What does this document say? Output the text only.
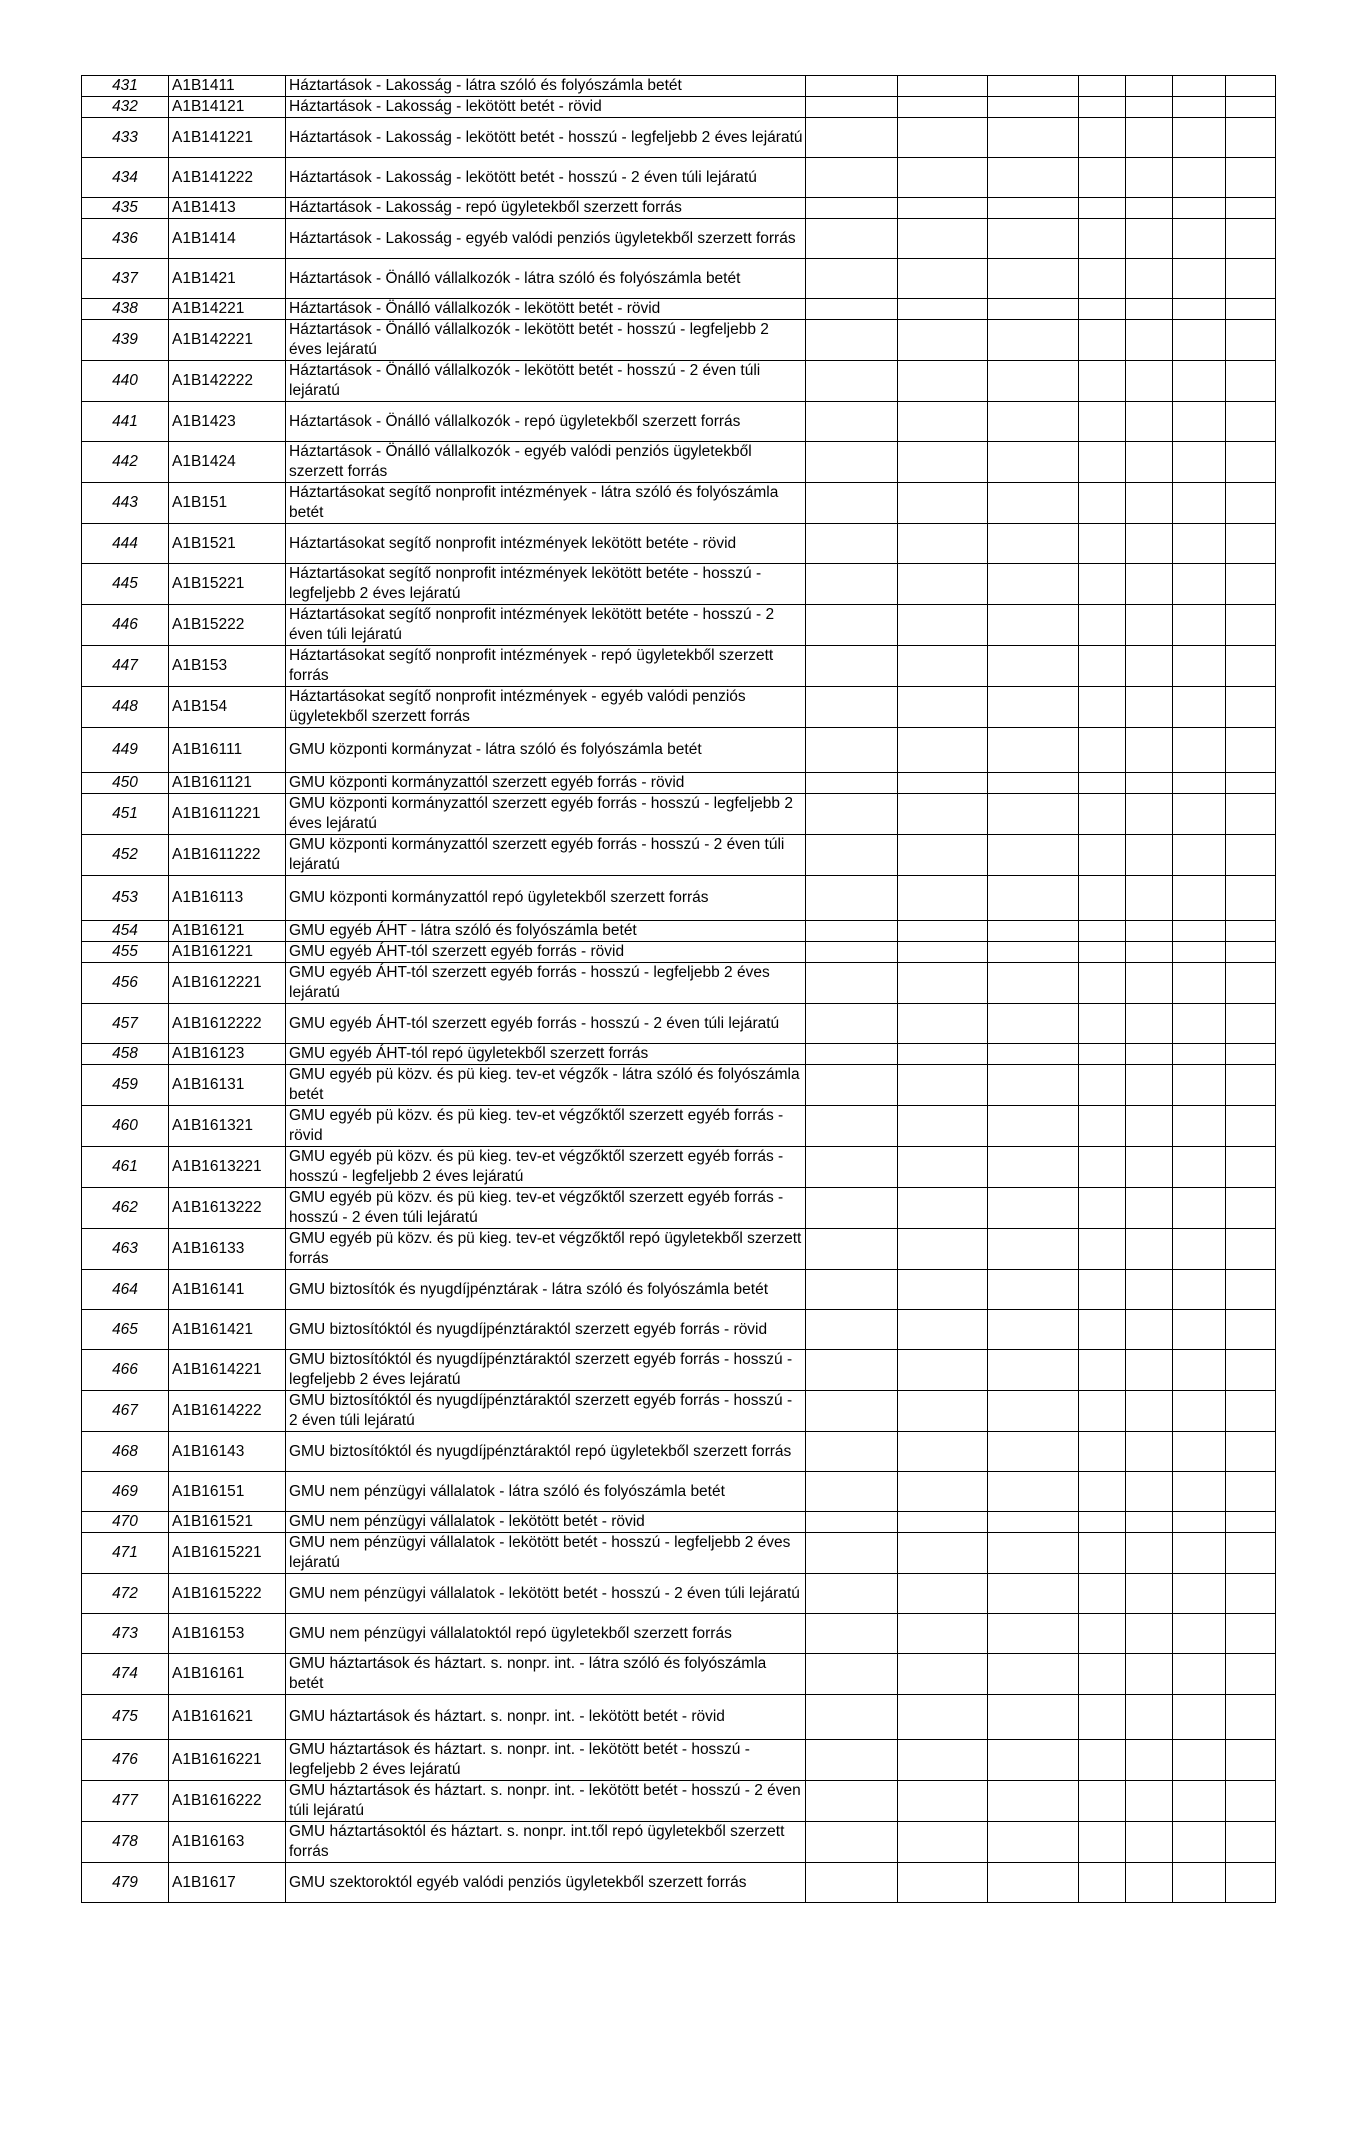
431	A1B1411	Háztartások - Lakosság - látra szóló és folyószámla betét							
432	A1B14121	Háztartások - Lakosság - lekötött betét - rövid							
433	A1B141221	Háztartások - Lakosság - lekötött betét - hosszú - legfeljebb 2 éves lejáratú							
434	A1B141222	Háztartások - Lakosság - lekötött betét - hosszú - 2 éven túli lejáratú							
435	A1B1413	Háztartások - Lakosság - repó ügyletekből szerzett forrás							
436	A1B1414	Háztartások - Lakosság - egyéb valódi penziós ügyletekből szerzett forrás							
437	A1B1421	Háztartások - Önálló vállalkozók - látra szóló és folyószámla betét							
438	A1B14221	Háztartások - Önálló vállalkozók - lekötött betét - rövid							
439	A1B142221	Háztartások - Önálló vállalkozók - lekötött betét - hosszú - legfeljebb 2 éves lejáratú							
440	A1B142222	Háztartások - Önálló vállalkozók - lekötött betét - hosszú - 2 éven túli lejáratú							
441	A1B1423	Háztartások - Önálló vállalkozók - repó ügyletekből szerzett forrás							
442	A1B1424	Háztartások - Önálló vállalkozók - egyéb valódi penziós ügyletekből szerzett forrás							
443	A1B151	Háztartásokat segítő nonprofit intézmények - látra szóló és folyószámla betét							
444	A1B1521	Háztartásokat segítő nonprofit intézmények lekötött betéte - rövid							
445	A1B15221	Háztartásokat segítő nonprofit intézmények lekötött betéte - hosszú - legfeljebb 2 éves lejáratú							
446	A1B15222	Háztartásokat segítő nonprofit intézmények lekötött betéte - hosszú - 2 éven túli lejáratú							
447	A1B153	Háztartásokat segítő nonprofit intézmények - repó ügyletekből szerzett forrás							
448	A1B154	Háztartásokat segítő nonprofit intézmények - egyéb valódi penziós ügyletekből szerzett forrás							
449	A1B16111	GMU központi kormányzat - látra szóló és folyószámla betét							
450	A1B161121	GMU központi kormányzattól szerzett egyéb forrás - rövid							
451	A1B1611221	GMU központi kormányzattól szerzett egyéb forrás - hosszú - legfeljebb 2 éves lejáratú							
452	A1B1611222	GMU központi kormányzattól szerzett egyéb forrás - hosszú - 2 éven túli lejáratú							
453	A1B16113	GMU központi kormányzattól repó ügyletekből szerzett forrás							
454	A1B16121	GMU egyéb ÁHT - látra szóló és folyószámla betét							
455	A1B161221	GMU egyéb ÁHT-tól szerzett egyéb forrás - rövid							
456	A1B1612221	GMU egyéb ÁHT-tól szerzett egyéb forrás - hosszú - legfeljebb 2 éves lejáratú							
457	A1B1612222	GMU egyéb ÁHT-tól szerzett egyéb forrás - hosszú - 2 éven túli lejáratú							
458	A1B16123	GMU egyéb ÁHT-tól repó ügyletekből szerzett forrás							
459	A1B16131	GMU egyéb pü közv. és pü kieg. tev-et végzők - látra szóló és folyószámla betét							
460	A1B161321	GMU egyéb pü közv. és pü kieg. tev-et végzőktől szerzett egyéb forrás - rövid							
461	A1B1613221	GMU egyéb pü közv. és pü kieg. tev-et végzőktől szerzett egyéb forrás - hosszú - legfeljebb 2 éves lejáratú							
462	A1B1613222	GMU egyéb pü közv. és pü kieg. tev-et végzőktől szerzett egyéb forrás - hosszú - 2 éven túli lejáratú							
463	A1B16133	GMU egyéb pü közv. és pü kieg. tev-et végzőktől repó ügyletekből szerzett forrás							
464	A1B16141	GMU biztosítók és nyugdíjpénztárak - látra szóló és folyószámla betét							
465	A1B161421	GMU biztosítóktól és nyugdíjpénztáraktól szerzett egyéb forrás - rövid							
466	A1B1614221	GMU biztosítóktól és nyugdíjpénztáraktól szerzett egyéb forrás - hosszú - legfeljebb 2 éves lejáratú							
467	A1B1614222	GMU biztosítóktól és nyugdíjpénztáraktól szerzett egyéb forrás - hosszú - 2 éven túli lejáratú							
468	A1B16143	GMU biztosítóktól és nyugdíjpénztáraktól repó ügyletekből szerzett forrás							
469	A1B16151	GMU nem pénzügyi vállalatok - látra szóló és folyószámla betét							
470	A1B161521	GMU nem pénzügyi vállalatok - lekötött betét - rövid							
471	A1B1615221	GMU nem pénzügyi vállalatok - lekötött betét - hosszú - legfeljebb 2 éves lejáratú							
472	A1B1615222	GMU nem pénzügyi vállalatok - lekötött betét - hosszú - 2 éven túli lejáratú							
473	A1B16153	GMU nem pénzügyi vállalatoktól repó ügyletekből szerzett forrás							
474	A1B16161	GMU háztartások és háztart. s. nonpr. int. - látra szóló és folyószámla betét							
475	A1B161621	GMU háztartások és háztart. s. nonpr. int. - lekötött betét - rövid							
476	A1B1616221	GMU háztartások és háztart. s. nonpr. int. - lekötött betét - hosszú - legfeljebb 2 éves lejáratú							
477	A1B1616222	GMU háztartások és háztart. s. nonpr. int. - lekötött betét - hosszú - 2 éven túli lejáratú							
478	A1B16163	GMU háztartásoktól és háztart. s. nonpr. int.től repó ügyletekből szerzett forrás							
479	A1B1617	GMU szektoroktól egyéb valódi penziós ügyletekből szerzett forrás							
